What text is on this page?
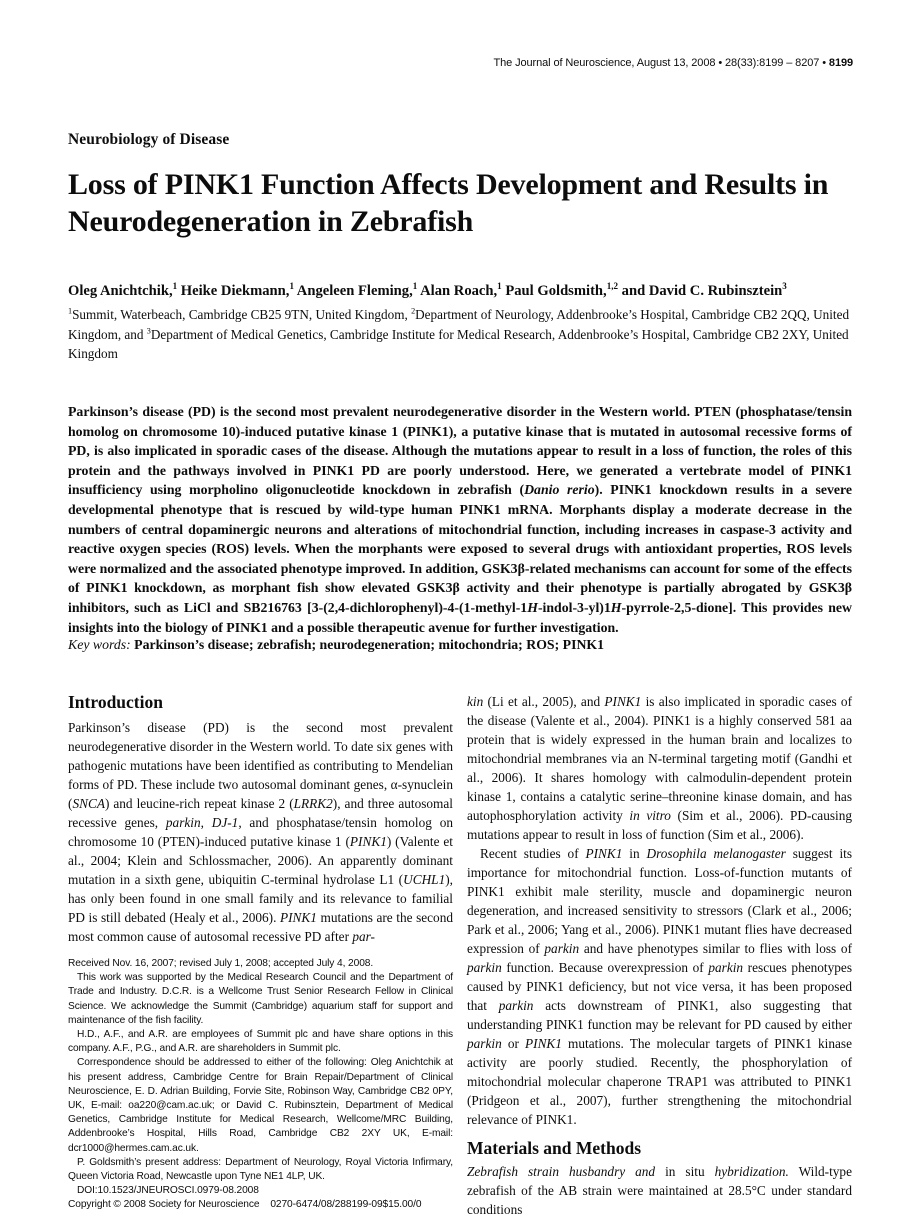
The Journal of Neuroscience, August 13, 2008 • 28(33):8199 – 8207 • 8199
Neurobiology of Disease
Loss of PINK1 Function Affects Development and Results in Neurodegeneration in Zebrafish
Oleg Anichtchik,$^1$ Heike Diekmann,$^1$ Angeleen Fleming,$^1$ Alan Roach,$^1$ Paul Goldsmith,$^{1,2}$ and David C. Rubinsztein$^3$
$^1$Summit, Waterbeach, Cambridge CB25 9TN, United Kingdom, $^2$Department of Neurology, Addenbrooke’s Hospital, Cambridge CB2 2QQ, United Kingdom, and $^3$Department of Medical Genetics, Cambridge Institute for Medical Research, Addenbrooke’s Hospital, Cambridge CB2 2XY, United Kingdom
Parkinson’s disease (PD) is the second most prevalent neurodegenerative disorder in the Western world. PTEN (phosphatase/tensin homolog on chromosome 10)-induced putative kinase 1 (PINK1), a putative kinase that is mutated in autosomal recessive forms of PD, is also implicated in sporadic cases of the disease. Although the mutations appear to result in a loss of function, the roles of this protein and the pathways involved in PINK1 PD are poorly understood. Here, we generated a vertebrate model of PINK1 insufficiency using morpholino oligonucleotide knockdown in zebrafish (Danio rerio). PINK1 knockdown results in a severe developmental phenotype that is rescued by wild-type human PINK1 mRNA. Morphants display a moderate decrease in the numbers of central dopaminergic neurons and alterations of mitochondrial function, including increases in caspase-3 activity and reactive oxygen species (ROS) levels. When the morphants were exposed to several drugs with antioxidant properties, ROS levels were normalized and the associated phenotype improved. In addition, GSK3β-related mechanisms can account for some of the effects of PINK1 knockdown, as morphant fish show elevated GSK3β activity and their phenotype is partially abrogated by GSK3β inhibitors, such as LiCl and SB216763 [3-(2,4-dichlorophenyl)-4-(1-methyl-1H-indol-3-yl)1H-pyrrole-2,5-dione]. This provides new insights into the biology of PINK1 and a possible therapeutic avenue for further investigation.
Key words: Parkinson’s disease; zebrafish; neurodegeneration; mitochondria; ROS; PINK1
Introduction

Parkinson’s disease (PD) is the second most prevalent neurodegenerative disorder in the Western world. To date six genes with pathogenic mutations have been identified as contributing to Mendelian forms of PD. These include two autosomal dominant genes, α-synuclein (SNCA) and leucine-rich repeat kinase 2 (LRRK2), and three autosomal recessive genes, parkin, DJ-1, and phosphatase/tensin homolog on chromosome 10 (PTEN)-induced putative kinase 1 (PINK1) (Valente et al., 2004; Klein and Schlossmacher, 2006). An apparently dominant mutation in a sixth gene, ubiquitin C-terminal hydrolase L1 (UCHL1), has only been found in one small family and its relevance to familial PD is still debated (Healy et al., 2006). PINK1 mutations are the second most common cause of autosomal recessive PD after par-

Received Nov. 16, 2007; revised July 1, 2008; accepted July 4, 2008.

This work was supported by the Medical Research Council and the Department of Trade and Industry. D.C.R. is a Wellcome Trust Senior Research Fellow in Clinical Science. We acknowledge the Summit (Cambridge) aquarium staff for support and maintenance of the fish facility.

H.D., A.F., and A.R. are employees of Summit plc and have share options in this company. A.F., P.G., and A.R. are shareholders in Summit plc.

Correspondence should be addressed to either of the following: Oleg Anichtchik at his present address, Cambridge Centre for Brain Repair/Department of Clinical Neuroscience, E. D. Adrian Building, Forvie Site, Robinson Way, Cambridge CB2 0PY, UK, E-mail: oa220@cam.ac.uk; or David C. Rubinsztein, Department of Medical Genetics, Cambridge Institute for Medical Research, Wellcome/MRC Building, Addenbrooke’s Hospital, Hills Road, Cambridge CB2 2XY UK, E-mail: dcr1000@hermes.cam.ac.uk.

P. Goldsmith’s present address: Department of Neurology, Royal Victoria Infirmary, Queen Victoria Road, Newcastle upon Tyne NE1 4LP, UK.

DOI:10.1523/JNEUROSCI.0979-08.2008

Copyright © 2008 Society for Neuroscience    0270-6474/08/288199-09$15.00/0

kin (Li et al., 2005), and PINK1 is also implicated in sporadic cases of the disease (Valente et al., 2004). PINK1 is a highly conserved 581 aa protein that is widely expressed in the human brain and localizes to mitochondrial membranes via an N-terminal targeting motif (Gandhi et al., 2006). It shares homology with calmodulin-dependent protein kinase 1, contains a catalytic serine–threonine kinase domain, and has autophosphorylation activity in vitro (Sim et al., 2006). PD-causing mutations appear to result in loss of function (Sim et al., 2006).

Recent studies of PINK1 in Drosophila melanogaster suggest its importance for mitochondrial function. Loss-of-function mutants of PINK1 exhibit male sterility, muscle and dopaminergic neuron degeneration, and increased sensitivity to stressors (Clark et al., 2006; Park et al., 2006; Yang et al., 2006). PINK1 mutant flies have decreased expression of parkin and have phenotypes similar to flies with loss of parkin function. Because overexpression of parkin rescues phenotypes caused by PINK1 deficiency, but not vice versa, it has been proposed that parkin acts downstream of PINK1, also suggesting that understanding PINK1 function may be relevant for PD caused by either parkin or PINK1 mutations. The molecular targets of PINK1 kinase activity are poorly studied. Recently, the phosphorylation of mitochondrial molecular chaperone TRAP1 was attributed to PINK1 (Pridgeon et al., 2007), further strengthening the mitochondrial relevance of PINK1.

Materials and Methods

Zebrafish strain husbandry and in situ hybridization. Wild-type zebrafish of the AB strain were maintained at 28.5°C under standard conditions
